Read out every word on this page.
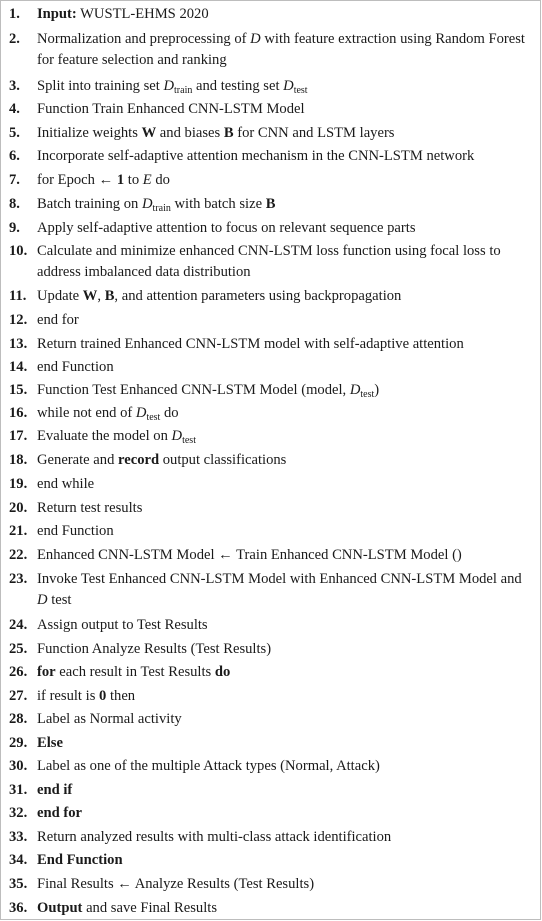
1.	Input: WUSTL-EHMS 2020
2.	Normalization and preprocessing of D with feature extraction using Random Forest for feature selection and ranking
3.	Split into training set $D_{train}$ and testing set $D_{test}$
4.	Function Train Enhanced CNN-LSTM Model
5.	Initialize weights W and biases B for CNN and LSTM layers
6.	Incorporate self-adaptive attention mechanism in the CNN-LSTM network
7.	for Epoch ← 1 to E do
8.	Batch training on $D_{train}$ with batch size B
9.	Apply self-adaptive attention to focus on relevant sequence parts
10. Calculate and minimize enhanced CNN-LSTM loss function using focal loss to address imbalanced data distribution
11. Update W, B, and attention parameters using backpropagation
12. end for
13. Return trained Enhanced CNN-LSTM model with self-adaptive attention
14. end Function
15. Function Test Enhanced CNN-LSTM Model (model, $D_{test}$)
16. while not end of $D_{test}$ do
17. Evaluate the model on $D_{test}$
18. Generate and record output classifications
19. end while
20. Return test results
21. end Function
22. Enhanced CNN-LSTM Model ← Train Enhanced CNN-LSTM Model ()
23. Invoke Test Enhanced CNN-LSTM Model with Enhanced CNN-LSTM Model and D test
24. Assign output to Test Results
25. Function Analyze Results (Test Results)
26. for each result in Test Results do
27. if result is 0 then
28. Label as Normal activity
29. Else
30. Label as one of the multiple Attack types (Normal, Attack)
31. end if
32. end for
33. Return analyzed results with multi-class attack identification
34. End Function
35. Final Results ← Analyze Results (Test Results)
36. Output and save Final Results
